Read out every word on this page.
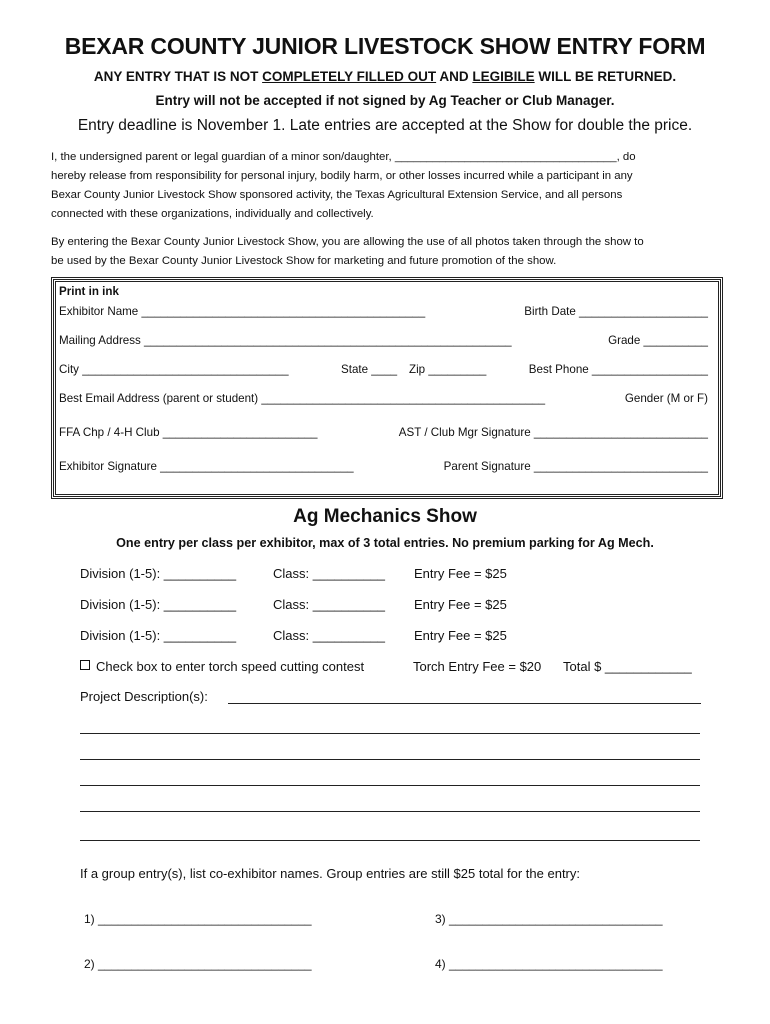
BEXAR COUNTY JUNIOR LIVESTOCK SHOW ENTRY FORM
ANY ENTRY THAT IS NOT COMPLETELY FILLED OUT AND LEGIBILE WILL BE RETURNED.
Entry will not be accepted if not signed by Ag Teacher or Club Manager.
Entry deadline is November 1. Late entries are accepted at the Show for double the price.
I, the undersigned parent or legal guardian of a minor son/daughter, ___________________________________, do
hereby release from responsibility for personal injury, bodily harm, or other losses incurred while a participant in any
Bexar County Junior Livestock Show sponsored activity, the Texas Agricultural Extension Service, and all persons
connected with these organizations, individually and collectively.
By entering the Bexar County Junior Livestock Show, you are allowing the use of all photos taken through the show to
be used by the Bexar County Junior Livestock Show for marketing and future promotion of the show.
Print in ink
Exhibitor Name ____________________________________________	Birth Date ____________________
Mailing Address _________________________________________________________	Grade __________
City ________________________________	State ____ Zip _________	Best Phone __________________
Best Email Address (parent or student) ____________________________________________	Gender (M or F)
FFA Chp / 4-H Club ________________________	AST / Club Mgr Signature ___________________________
Exhibitor Signature ______________________________	Parent Signature ___________________________
Ag Mechanics Show
One entry per class per exhibitor, max of 3 total entries. No premium parking for Ag Mech.
Division (1-5): __________	Class: __________ Entry Fee = $25
Division (1-5): __________	Class: __________ Entry Fee = $25
Division (1-5): __________	Class: __________ Entry Fee = $25
Check box to enter torch speed cutting contest	Torch Entry Fee = $20 Total $ ____________
Project Description(s):
If a group entry(s), list co-exhibitor names. Group entries are still $25 total for the entry:
1) ________________________________	3) ________________________________
2) ________________________________	4) ________________________________
